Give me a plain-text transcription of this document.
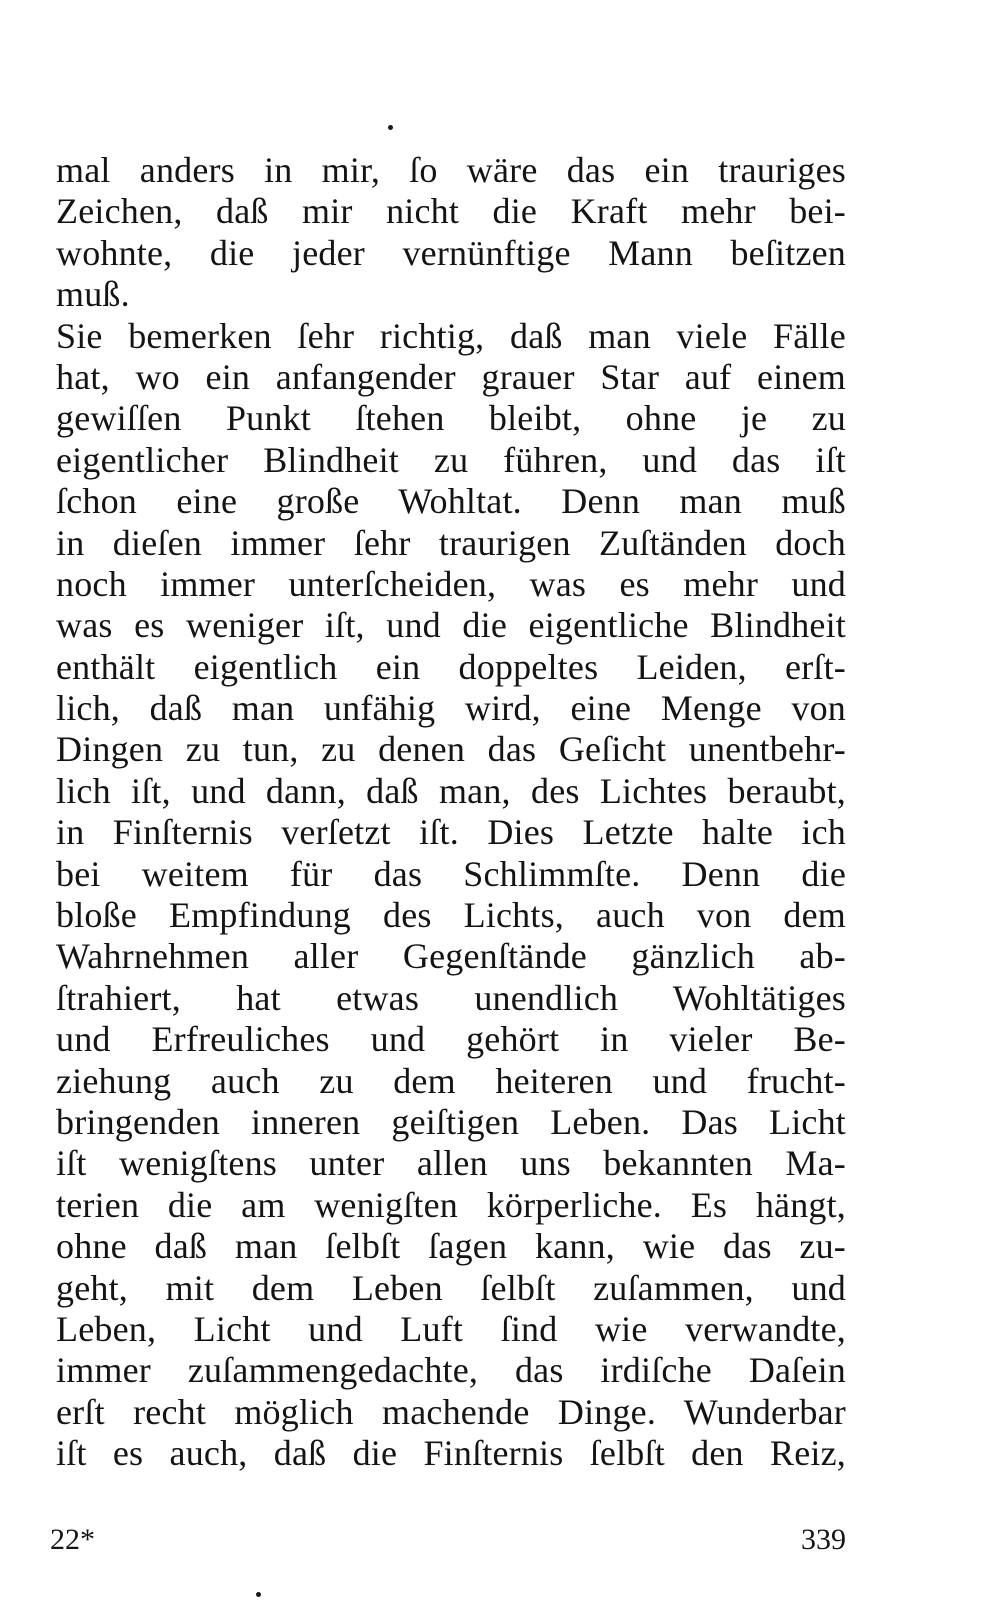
mal anders in mir, ſo wäre das ein trauriges
Zeichen, daß mir nicht die Kraft mehr bei-
wohnte, die jeder vernünftige Mann beſitzen
muß.
Sie bemerken ſehr richtig, daß man viele Fälle
hat, wo ein anfangender grauer Star auf einem
gewiſſen Punkt ſtehen bleibt, ohne je zu
eigentlicher Blindheit zu führen, und das iſt
ſchon eine große Wohltat. Denn man muß
in dieſen immer ſehr traurigen Zuſtänden doch
noch immer unterſcheiden, was es mehr und
was es weniger iſt, und die eigentliche Blindheit
enthält eigentlich ein doppeltes Leiden, erſt-
lich, daß man unfähig wird, eine Menge von
Dingen zu tun, zu denen das Geſicht unentbehr-
lich iſt, und dann, daß man, des Lichtes beraubt,
in Finſternis verſetzt iſt. Dies Letzte halte ich
bei weitem für das Schlimmſte. Denn die
bloße Empfindung des Lichts, auch von dem
Wahrnehmen aller Gegenſtände gänzlich ab-
ſtrahiert, hat etwas unendlich Wohltätiges
und Erfreuliches und gehört in vieler Be-
ziehung auch zu dem heiteren und frucht-
bringenden inneren geiſtigen Leben. Das Licht
iſt wenigſtens unter allen uns bekannten Ma-
terien die am wenigſten körperliche. Es hängt,
ohne daß man ſelbſt ſagen kann, wie das zu-
geht, mit dem Leben ſelbſt zuſammen, und
Leben, Licht und Luft ſind wie verwandte,
immer zuſammengedachte, das irdiſche Daſein
erſt recht möglich machende Dinge. Wunderbar
iſt es auch, daß die Finſternis ſelbſt den Reiz,
22*	339
